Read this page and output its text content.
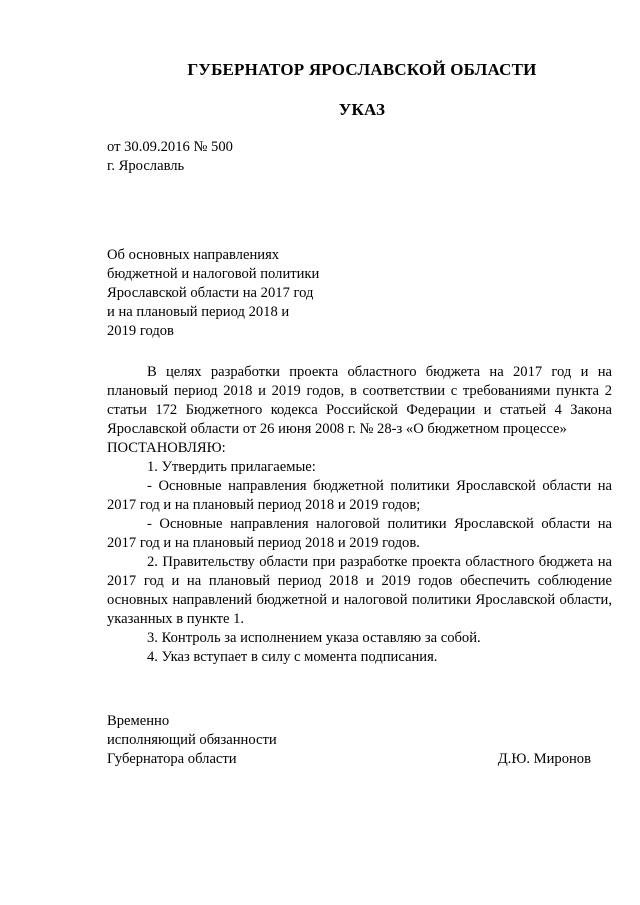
ГУБЕРНАТОР ЯРОСЛАВСКОЙ ОБЛАСТИ
УКАЗ
от 30.09.2016 № 500
г. Ярославль
Об основных направлениях
бюджетной и налоговой политики
Ярославской области на 2017 год
и на плановый период 2018 и
2019 годов

В целях разработки проекта областного бюджета на 2017 год и на плановый период 2018 и 2019 годов, в соответствии с требованиями пункта 2 статьи 172 Бюджетного кодекса Российской Федерации и статьей 4 Закона Ярославской области от 26 июня 2008 г. № 28-з «О бюджетном процессе»

ПОСТАНОВЛЯЮ:

1. Утвердить прилагаемые:

- Основные направления бюджетной политики Ярославской области на 2017 год и на плановый период 2018 и 2019 годов;

- Основные направления налоговой политики Ярославской области на 2017 год и на плановый период 2018 и 2019 годов.

2. Правительству области при разработке проекта областного бюджета на 2017 год и на плановый период 2018 и 2019 годов обеспечить соблюдение основных направлений бюджетной и налоговой политики Ярославской области, указанных в пункте 1.

3. Контроль за исполнением указа оставляю за собой.

4. Указ вступает в силу с момента подписания.

Временно
исполняющий обязанности
Губернатора области	Д.Ю. Миронов
